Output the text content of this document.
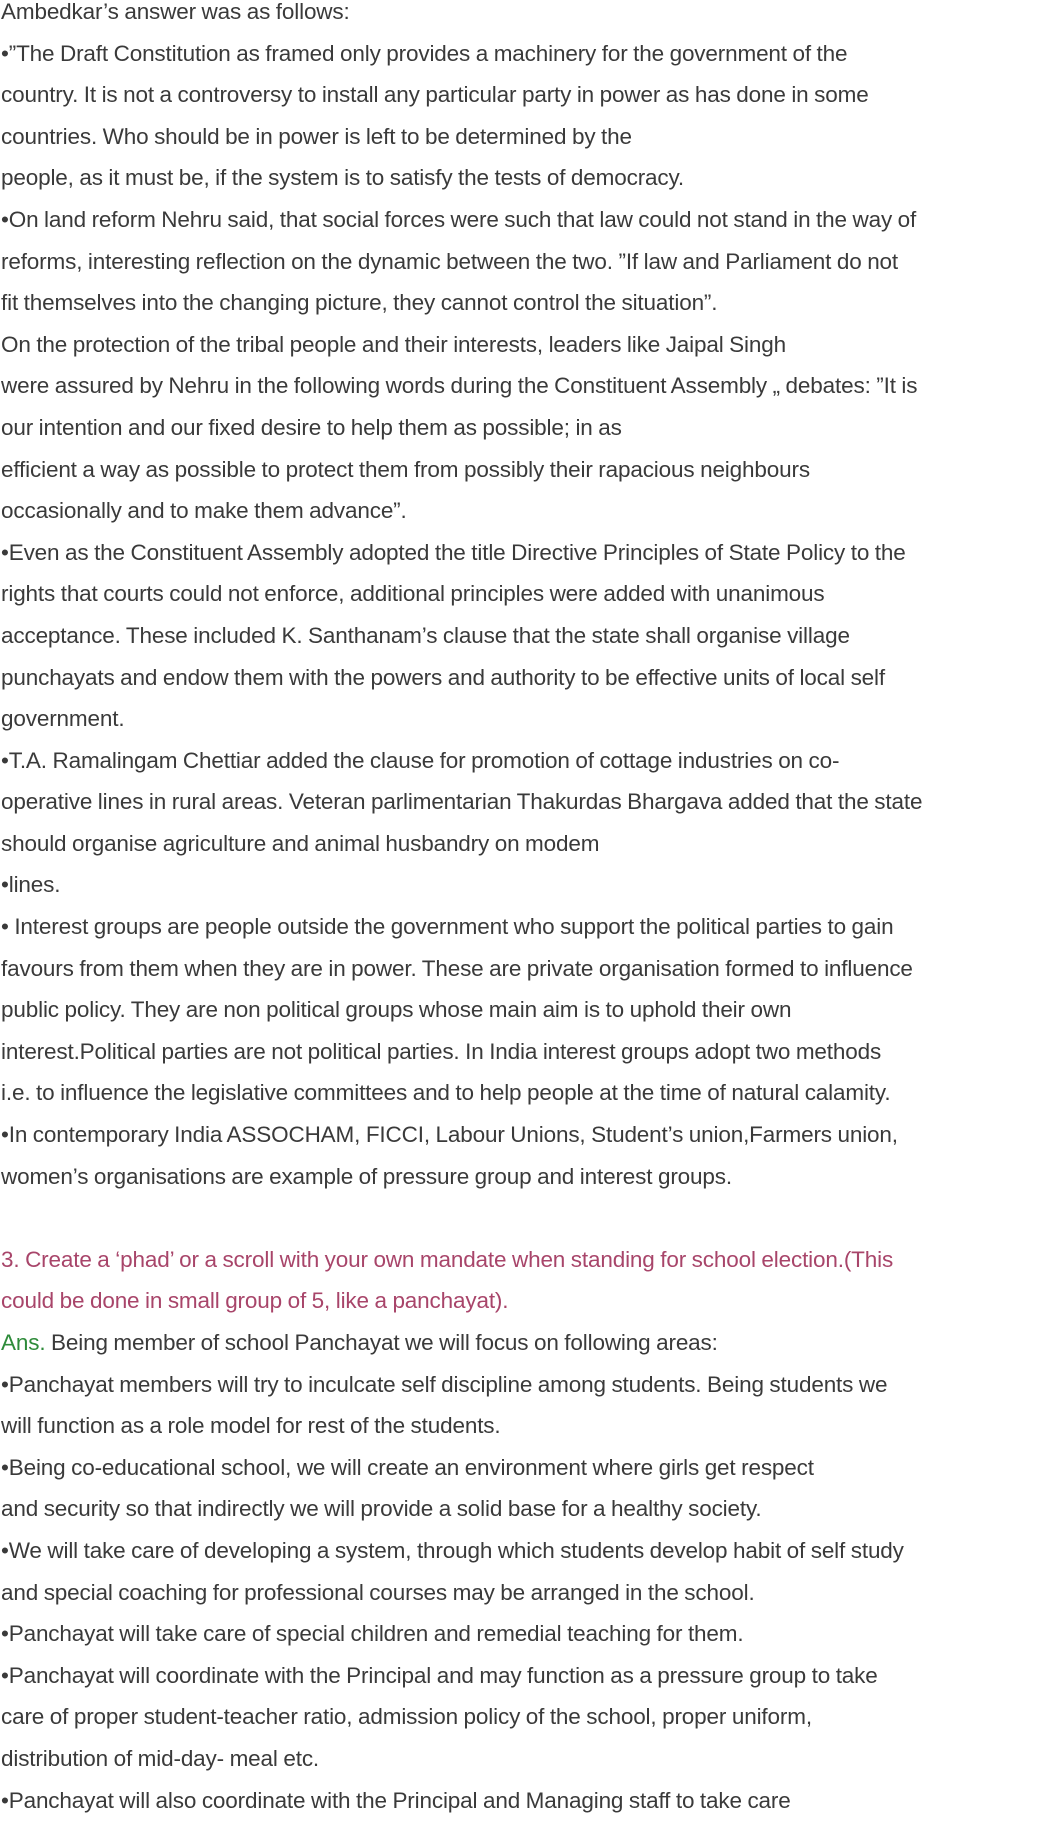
Ambedkar’s answer was as follows:
•”The Draft Constitution as framed only provides a machinery for the government of the
country. It is not a controversy to install any particular party in power as has done in some
countries. Who should be in power is left to be determined by the
people, as it must be, if the system is to satisfy the tests of democracy.
•On land reform Nehru said, that social forces were such that law could not stand in the way of
reforms, interesting reflection on the dynamic between the two. ”If law and Parliament do not
fit themselves into the changing picture, they cannot control the situation”.
On the protection of the tribal people and their interests, leaders like Jaipal Singh
were assured by Nehru in the following words during the Constituent Assembly „ debates: ”It is
our intention and our fixed desire to help them as possible; in as
efficient a way as possible to protect them from possibly their rapacious neighbours
occasionally and to make them advance”.
•Even as the Constituent Assembly adopted the title Directive Principles of State Policy to the
rights that courts could not enforce, additional principles were added with unanimous
acceptance. These included K. Santhanam’s clause that the state shall organise village
punchayats and endow them with the powers and authority to be effective units of local self
government.
•T.A. Ramalingam Chettiar added the clause for promotion of cottage industries on co-
operative lines in rural areas. Veteran parlimentarian Thakurdas Bhargava added that the state
should organise agriculture and animal husbandry on modem
•lines.
• Interest groups are people outside the government who support the political parties to gain
favours from them when they are in power. These are private organisation formed to influence
public policy. They are non political groups whose main aim is to uphold their own
interest.Political parties are not political parties. In India interest groups adopt two methods
i.e. to influence the legislative committees and to help people at the time of natural calamity.
•In contemporary India ASSOCHAM, FICCI, Labour Unions, Student’s union,Farmers union,
women’s organisations are example of pressure group and interest groups.
3. Create a ‘phad’ or a scroll with your own mandate when standing for school election.(This
could be done in small group of 5, like a panchayat).
Ans. Being member of school Panchayat we will focus on following areas:
•Panchayat members will try to inculcate self discipline among students. Being students we
will function as a role model for rest of the students.
•Being co-educational school, we will create an environment where girls get respect
and security so that indirectly we will provide a solid base for a healthy society.
•We will take care of developing a system, through which students develop habit of self study
and special coaching for professional courses may be arranged in the school.
•Panchayat will take care of special children and remedial teaching for them.
•Panchayat will coordinate with the Principal and may function as a pressure group to take
care of proper student-teacher ratio, admission policy of the school, proper uniform,
distribution of mid-day- meal etc.
•Panchayat will also coordinate with the Principal and Managing staff to take care
